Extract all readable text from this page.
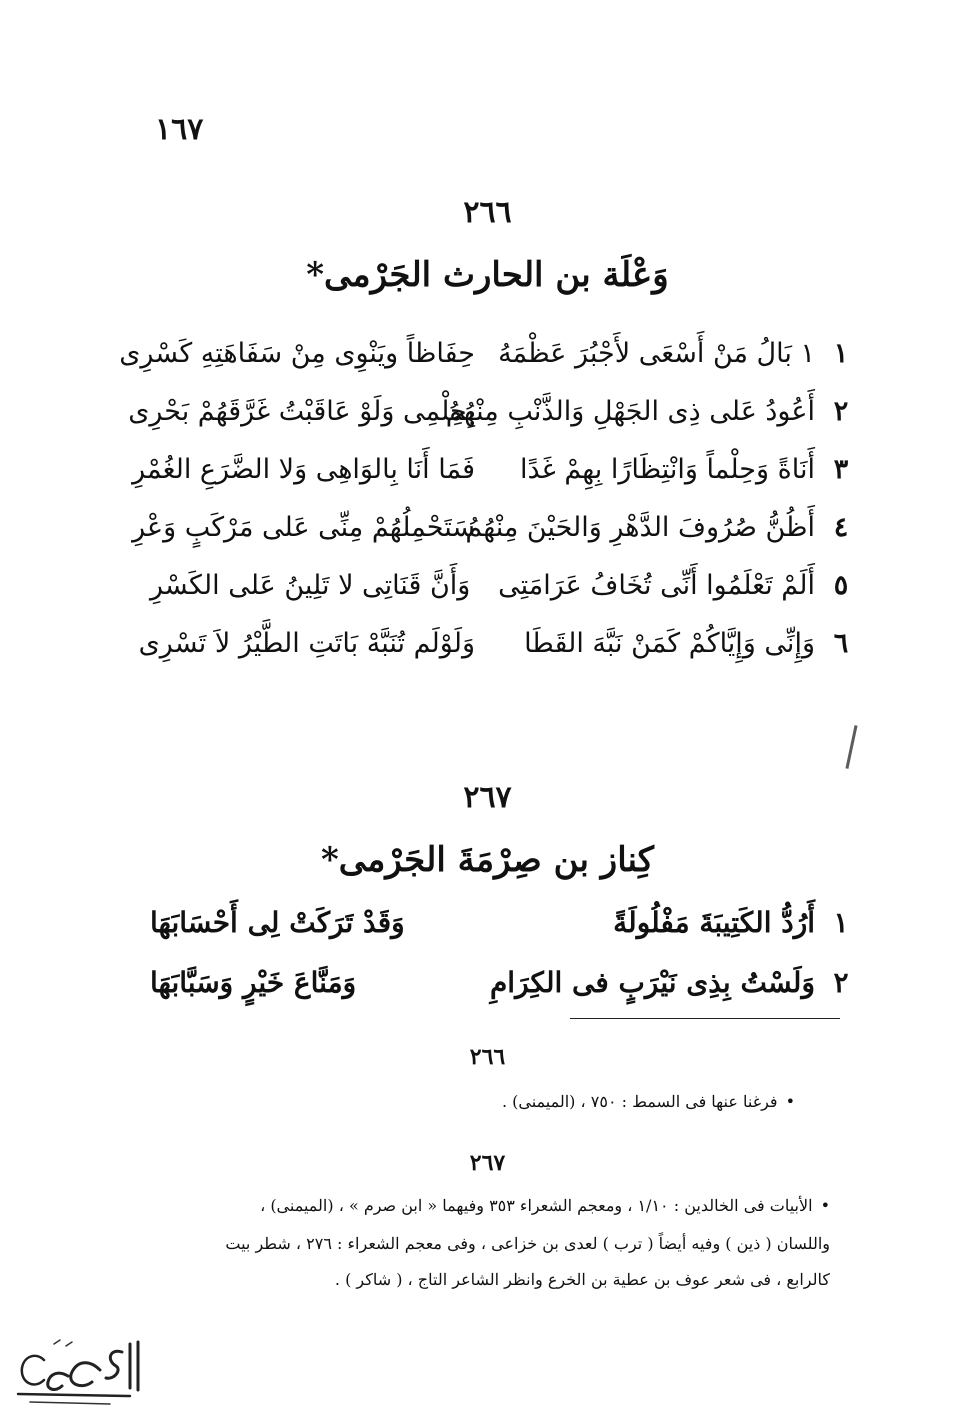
١٦٧
٢٦٦
وَعْلَة بن الحارث الجَرْمى*
١
١ بَالُ مَنْ أَسْعَى لأَجْبُرَ عَظْمَهُ
حِفَاظاً ويَنْوِى مِنْ سَفَاهَتِهِ كَسْرِى
٢
أَعُودُ عَلى ذِى الجَهْلِ وَالذَّنْبِ مِنْهُمُ
بِحِلْمِى وَلَوْ عَاقَبْتُ غَرَّقَهُمْ بَحْرِى
٣
أَنَاةً وَحِلْماً وَانْتِظَارًا بِهِمْ غَدًا
فَمَا أَنَا بِالوَاهِى وَلا الضَّرَعِ الغُمْرِ
٤
أَظُنُّ صُرُوفَ الدَّهْرِ وَالحَيْنَ مِنْهُمُ
سَتَحْمِلُهُمْ مِنِّى عَلى مَرْكَبٍ وَعْرِ
٥
أَلَمْ تَعْلَمُوا أَنِّى تُخَافُ عَرَامَتِى
وَأَنَّ قَنَاتِى لا تَلِينُ عَلى الكَسْرِ
٦
وَإِنِّى وَإِيَّاكُمْ كَمَنْ نَبَّهَ القَطَا
وَلَوْلَم تُنَبَّهْ بَاتَتِ الطَّيْرُ لاَ تَسْرِى
٢٦٧
كِناز بن صِرْمَةَ الجَرْمى*
١
أَرُدُّ الكَتِيبَةَ مَفْلُولَةً
وَقَدْ تَرَكَتْ لِى أَحْسَابَهَا
٢
وَلَسْتُ بِذِى نَيْرَبٍ فى الكِرَامِ
وَمَنَّاعَ خَيْرٍ وَسَبَّابَهَا
٢٦٦
• فرغنا عنها فى السمط : ٧٥٠ ، (الميمنى) .
٢٦٧
• الأبيات فى الخالدين : ١/١٠ ، ومعجم الشعراء ٣٥٣ وفيهما « ابن صرم » ، (الميمنى) ،
واللسان ( ذين ) وفيه أيضاً ( ترب ) لعدى بن خزاعى ، وفى معجم الشعراء : ٢٧٦ ، شطر بيت
كالرابع ، فى شعر عوف بن عطية بن الخرع وانظر الشاعر التاج ، ( شاكر ) .
